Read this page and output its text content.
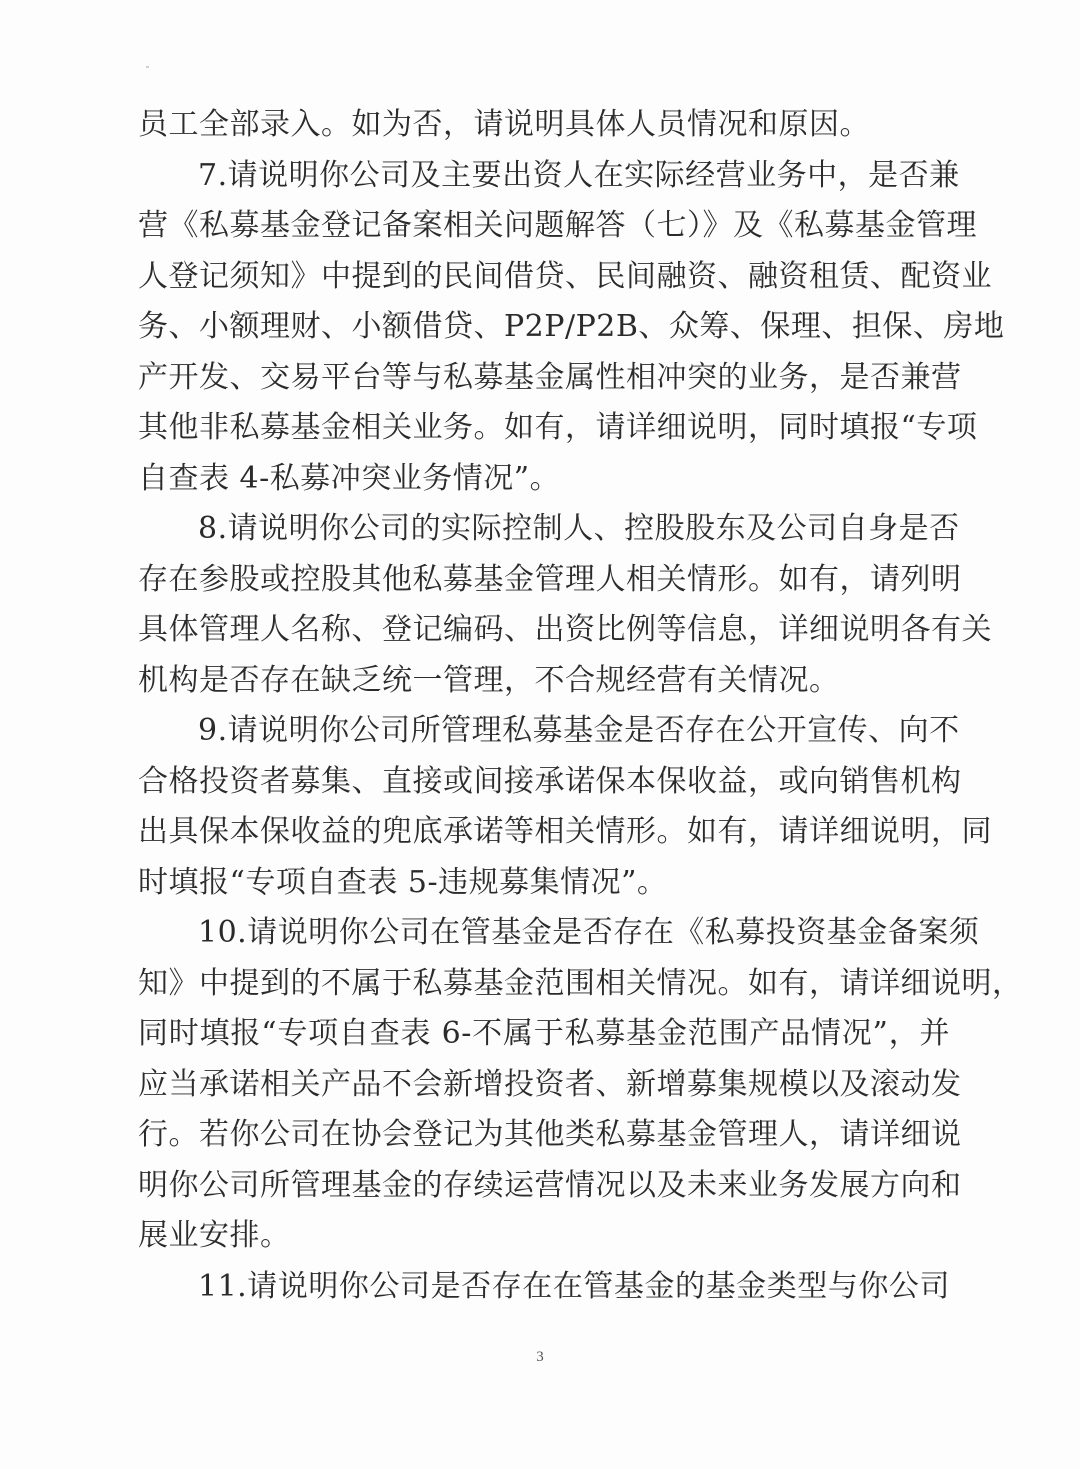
员工全部录入。如为否，请说明具体人员情况和原因。
7.请说明你公司及主要出资人在实际经营业务中，是否兼
营《私募基金登记备案相关问题解答（七）》及《私募基金管理
人登记须知》中提到的民间借贷、民间融资、融资租赁、配资业
务、小额理财、小额借贷、P2P/P2B、众筹、保理、担保、房地
产开发、交易平台等与私募基金属性相冲突的业务，是否兼营
其他非私募基金相关业务。如有，请详细说明，同时填报“专项
自查表 4-私募冲突业务情况”。
8.请说明你公司的实际控制人、控股股东及公司自身是否
存在参股或控股其他私募基金管理人相关情形。如有，请列明
具体管理人名称、登记编码、出资比例等信息，详细说明各有关
机构是否存在缺乏统一管理，不合规经营有关情况。
9.请说明你公司所管理私募基金是否存在公开宣传、向不
合格投资者募集、直接或间接承诺保本保收益，或向销售机构
出具保本保收益的兜底承诺等相关情形。如有，请详细说明，同
时填报“专项自查表 5-违规募集情况”。
10.请说明你公司在管基金是否存在《私募投资基金备案须
知》中提到的不属于私募基金范围相关情况。如有，请详细说明，
同时填报“专项自查表 6-不属于私募基金范围产品情况”，并
应当承诺相关产品不会新增投资者、新增募集规模以及滚动发
行。若你公司在协会登记为其他类私募基金管理人，请详细说
明你公司所管理基金的存续运营情况以及未来业务发展方向和
展业安排。
11.请说明你公司是否存在在管基金的基金类型与你公司
3
